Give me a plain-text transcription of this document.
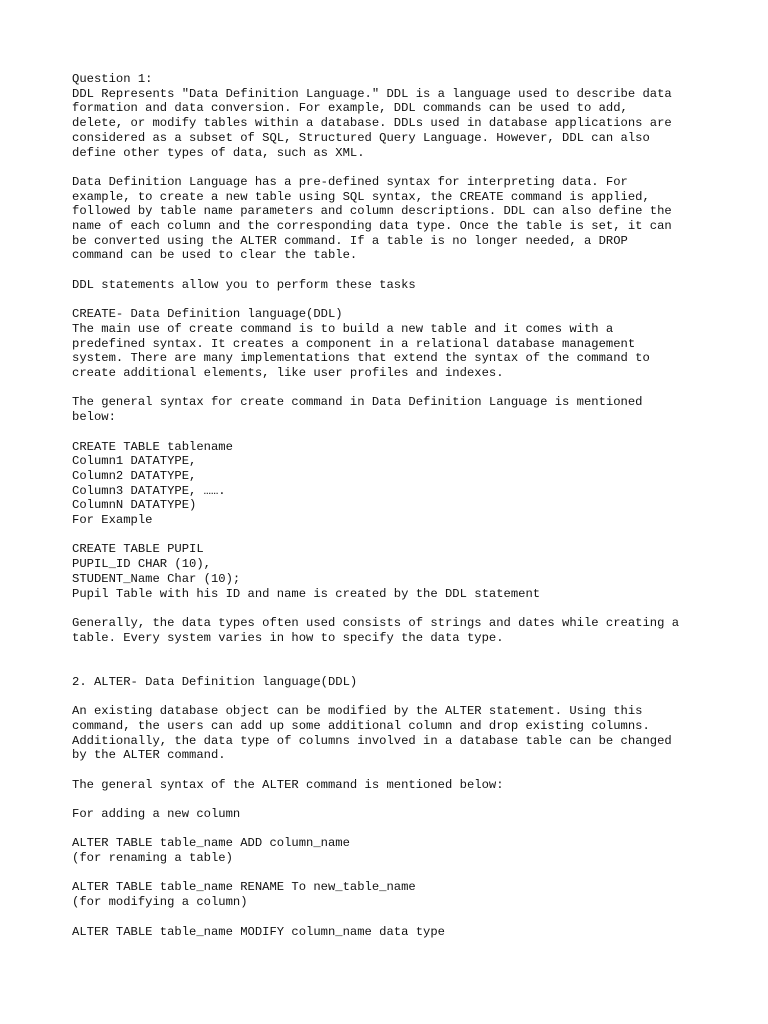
Question 1:
DDL Represents "Data Definition Language." DDL is a language used to describe data
formation and data conversion. For example, DDL commands can be used to add,
delete, or modify tables within a database. DDLs used in database applications are
considered as a subset of SQL, Structured Query Language. However, DDL can also
define other types of data, such as XML.
Data Definition Language has a pre-defined syntax for interpreting data. For
example, to create a new table using SQL syntax, the CREATE command is applied,
followed by table name parameters and column descriptions. DDL can also define the
name of each column and the corresponding data type. Once the table is set, it can
be converted using the ALTER command. If a table is no longer needed, a DROP
command can be used to clear the table.
DDL statements allow you to perform these tasks
CREATE- Data Definition language(DDL)
The main use of create command is to build a new table and it comes with a
predefined syntax. It creates a component in a relational database management
system. There are many implementations that extend the syntax of the command to
create additional elements, like user profiles and indexes.
The general syntax for create command in Data Definition Language is mentioned
below:
CREATE TABLE tablename
Column1 DATATYPE,
Column2 DATATYPE,
Column3 DATATYPE, …….
ColumnN DATATYPE)
For Example
CREATE TABLE PUPIL
PUPIL_ID CHAR (10),
STUDENT_Name Char (10);
Pupil Table with his ID and name is created by the DDL statement
Generally, the data types often used consists of strings and dates while creating a
table. Every system varies in how to specify the data type.
2. ALTER- Data Definition language(DDL)
An existing database object can be modified by the ALTER statement. Using this
command, the users can add up some additional column and drop existing columns.
Additionally, the data type of columns involved in a database table can be changed
by the ALTER command.
The general syntax of the ALTER command is mentioned below:
For adding a new column
ALTER TABLE table_name ADD column_name
(for renaming a table)
ALTER TABLE table_name RENAME To new_table_name
(for modifying a column)
ALTER TABLE table_name MODIFY column_name data type
